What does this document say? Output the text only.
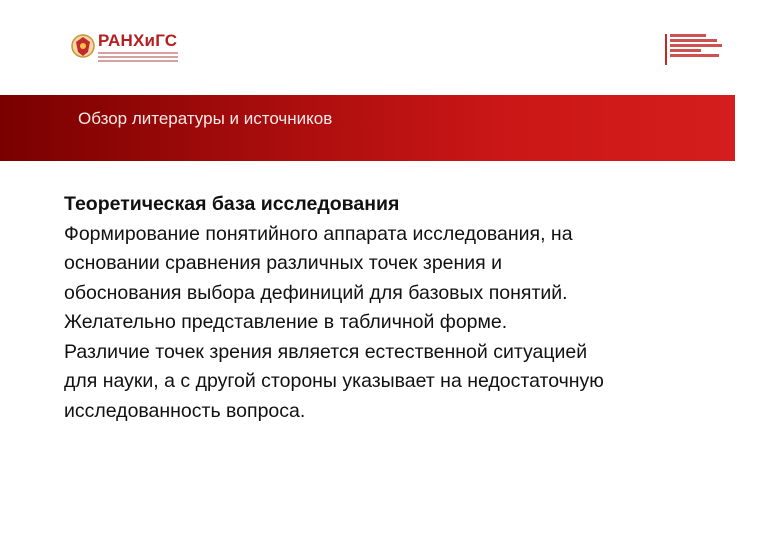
РАНХиГС
Обзор литературы и источников

Теоретическая база исследования

Формирование понятийного аппарата исследования, на основании сравнения различных точек зрения и обоснования выбора дефиниций для базовых понятий. Желательно представление в табличной форме.

Различие точек зрения является естественной ситуацией для науки, а с другой стороны указывает на недостаточную исследованность вопроса.
